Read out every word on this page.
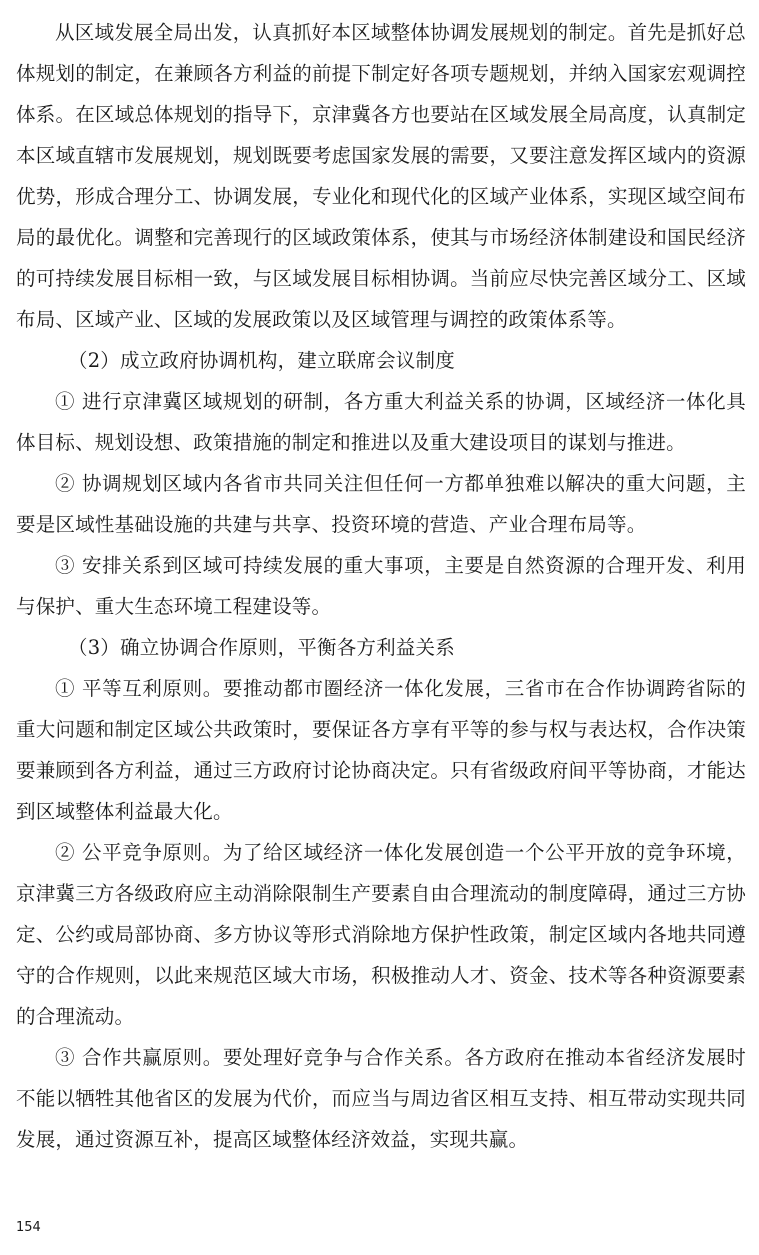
从区域发展全局出发，认真抓好本区域整体协调发展规划的制定。首先是抓好总体规划的制定，在兼顾各方利益的前提下制定好各项专题规划，并纳入国家宏观调控体系。在区域总体规划的指导下，京津冀各方也要站在区域发展全局高度，认真制定本区域直辖市发展规划，规划既要考虑国家发展的需要，又要注意发挥区域内的资源优势，形成合理分工、协调发展，专业化和现代化的区域产业体系，实现区域空间布局的最优化。调整和完善现行的区域政策体系，使其与市场经济体制建设和国民经济的可持续发展目标相一致，与区域发展目标相协调。当前应尽快完善区域分工、区域布局、区域产业、区域的发展政策以及区域管理与调控的政策体系等。

（2）成立政府协调机构，建立联席会议制度

① 进行京津冀区域规划的研制，各方重大利益关系的协调，区域经济一体化具体目标、规划设想、政策措施的制定和推进以及重大建设项目的谋划与推进。

② 协调规划区域内各省市共同关注但任何一方都单独难以解决的重大问题，主要是区域性基础设施的共建与共享、投资环境的营造、产业合理布局等。

③ 安排关系到区域可持续发展的重大事项，主要是自然资源的合理开发、利用与保护、重大生态环境工程建设等。

（3）确立协调合作原则，平衡各方利益关系

① 平等互利原则。要推动都市圈经济一体化发展，三省市在合作协调跨省际的重大问题和制定区域公共政策时，要保证各方享有平等的参与权与表达权，合作决策要兼顾到各方利益，通过三方政府讨论协商决定。只有省级政府间平等协商，才能达到区域整体利益最大化。

② 公平竞争原则。为了给区域经济一体化发展创造一个公平开放的竞争环境，京津冀三方各级政府应主动消除限制生产要素自由合理流动的制度障碍，通过三方协定、公约或局部协商、多方协议等形式消除地方保护性政策，制定区域内各地共同遵守的合作规则，以此来规范区域大市场，积极推动人才、资金、技术等各种资源要素的合理流动。

③ 合作共赢原则。要处理好竞争与合作关系。各方政府在推动本省经济发展时不能以牺牲其他省区的发展为代价，而应当与周边省区相互支持、相互带动实现共同发展，通过资源互补，提高区域整体经济效益，实现共赢。

154
